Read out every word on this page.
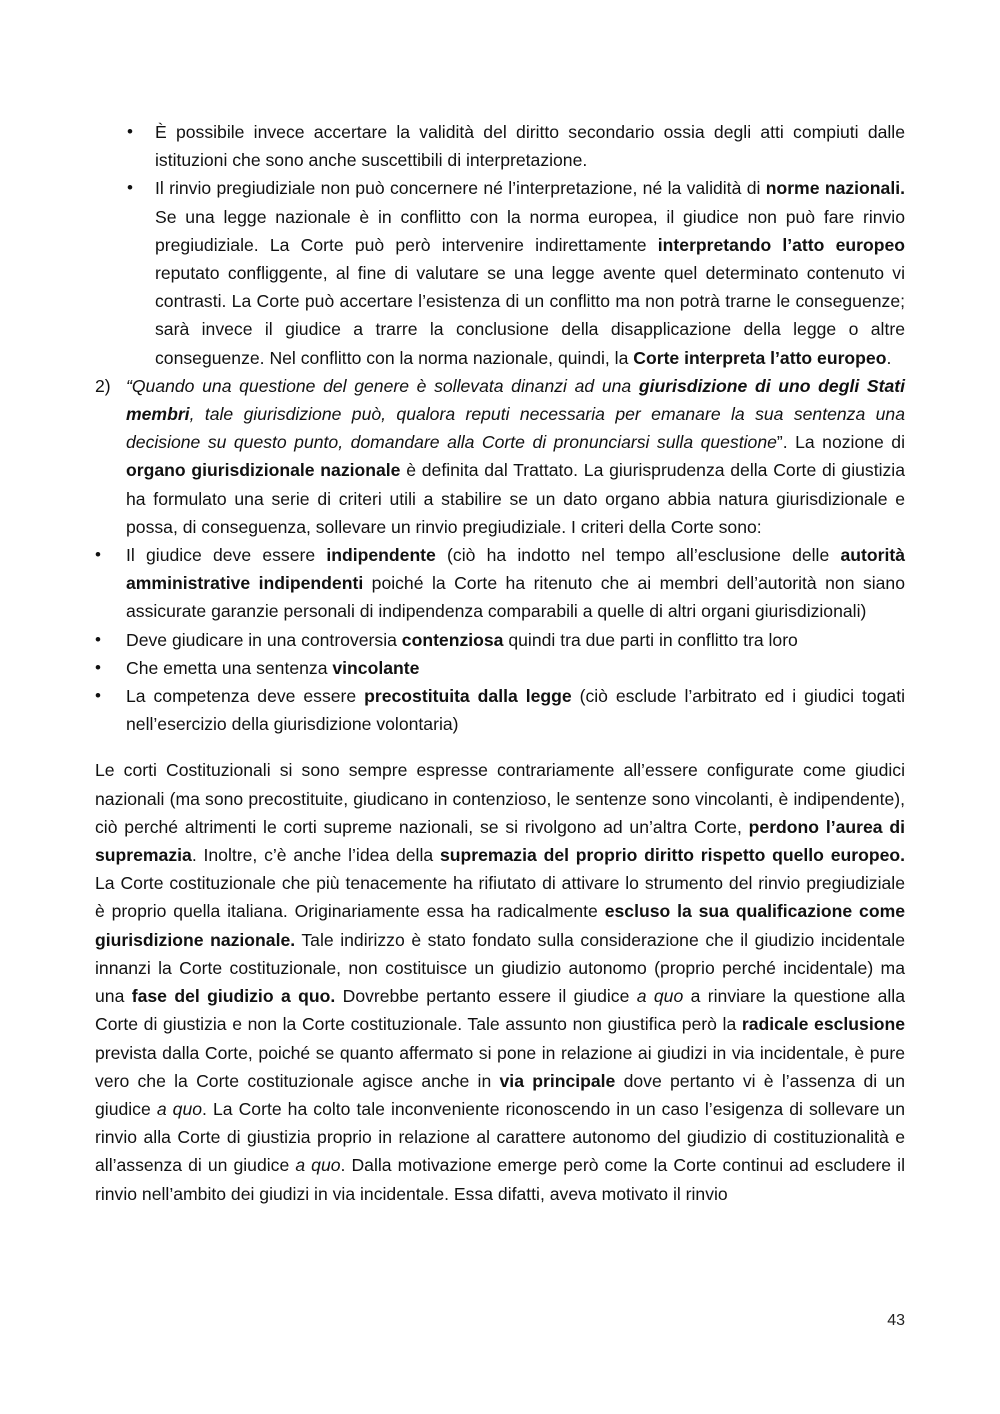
• È possibile invece accertare la validità del diritto secondario ossia degli atti compiuti dalle istituzioni che sono anche suscettibili di interpretazione.

• Il rinvio pregiudiziale non può concernere né l’interpretazione, né la validità di norme nazionali. Se una legge nazionale è in conflitto con la norma europea, il giudice non può fare rinvio pregiudiziale. La Corte può però intervenire indirettamente interpretando l’atto europeo reputato confliggente, al fine di valutare se una legge avente quel determinato contenuto vi contrasti. La Corte può accertare l’esistenza di un conflitto ma non potrà trarne le conseguenze; sarà invece il giudice a trarre la conclusione della disapplicazione della legge o altre conseguenze. Nel conflitto con la norma nazionale, quindi, la Corte interpreta l’atto europeo.

2) “Quando una questione del genere è sollevata dinanzi ad una giurisdizione di uno degli Stati membri, tale giurisdizione può, qualora reputi necessaria per emanare la sua sentenza una decisione su questo punto, domandare alla Corte di pronunciarsi sulla questione”. La nozione di organo giurisdizionale nazionale è definita dal Trattato. La giurisprudenza della Corte di giustizia ha formulato una serie di criteri utili a stabilire se un dato organo abbia natura giurisdizionale e possa, di conseguenza, sollevare un rinvio pregiudiziale. I criteri della Corte sono:

• Il giudice deve essere indipendente (ciò ha indotto nel tempo all’esclusione delle autorità amministrative indipendenti poiché la Corte ha ritenuto che ai membri dell’autorità non siano assicurate garanzie personali di indipendenza comparabili a quelle di altri organi giurisdizionali)

• Deve giudicare in una controversia contenziosa quindi tra due parti in conflitto tra loro

• Che emetta una sentenza vincolante

• La competenza deve essere precostituita dalla legge (ciò esclude l’arbitrato ed i giudici togati nell’esercizio della giurisdizione volontaria)

Le corti Costituzionali si sono sempre espresse contrariamente all’essere configurate come giudici nazionali (ma sono precostituite, giudicano in contenzioso, le sentenze sono vincolanti, è indipendente), ciò perché altrimenti le corti supreme nazionali, se si rivolgono ad un’altra Corte, perdono l’aurea di supremazia. Inoltre, c’è anche l’idea della supremazia del proprio diritto rispetto quello europeo. La Corte costituzionale che più tenacemente ha rifiutato di attivare lo strumento del rinvio pregiudiziale è proprio quella italiana. Originariamente essa ha radicalmente escluso la sua qualificazione come giurisdizione nazionale. Tale indirizzo è stato fondato sulla considerazione che il giudizio incidentale innanzi la Corte costituzionale, non costituisce un giudizio autonomo (proprio perché incidentale) ma una fase del giudizio a quo. Dovrebbe pertanto essere il giudice a quo a rinviare la questione alla Corte di giustizia e non la Corte costituzionale. Tale assunto non giustifica però la radicale esclusione prevista dalla Corte, poiché se quanto affermato si pone in relazione ai giudizi in via incidentale, è pure vero che la Corte costituzionale agisce anche in via principale dove pertanto vi è l’assenza di un giudice a quo. La Corte ha colto tale inconveniente riconoscendo in un caso l’esigenza di sollevare un rinvio alla Corte di giustizia proprio in relazione al carattere autonomo del giudizio di costituzionalità e all’assenza di un giudice a quo. Dalla motivazione emerge però come la Corte continui ad escludere il rinvio nell’ambito dei giudizi in via incidentale. Essa difatti, aveva motivato il rinvio

43
